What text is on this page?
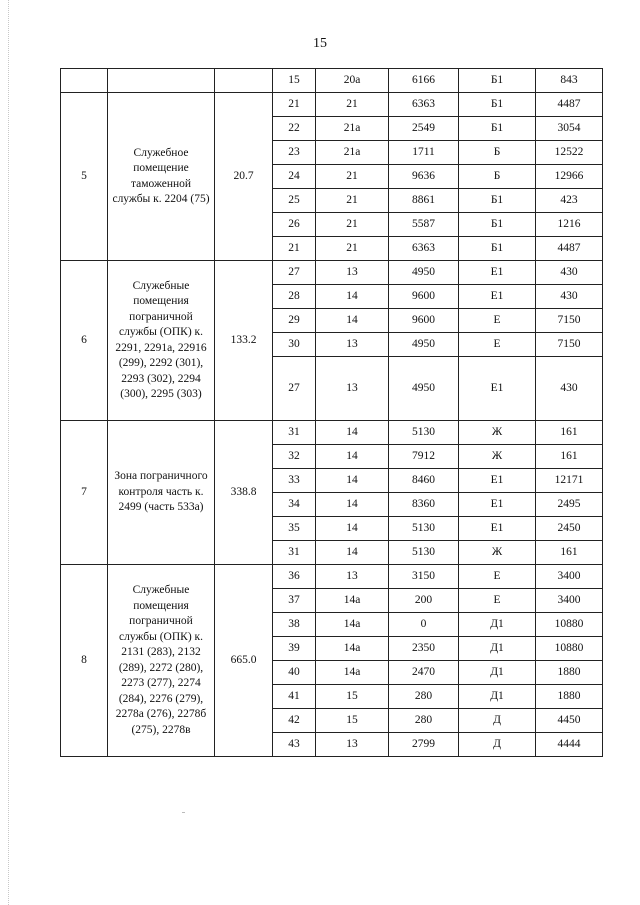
15
			15	20а	6166	Б1	843
5	Служебное помещение таможенной службы к. 2204 (75)	20.7	21	21	6363	Б1	4487
			22	21а	2549	Б1	3054
			23	21а	1711	Б	12522
			24	21	9636	Б	12966
			25	21	8861	Б1	423
			26	21	5587	Б1	1216
			21	21	6363	Б1	4487
6	Служебные помещения пограничной службы (ОПК) к. 2291, 2291а, 22916 (299), 2292 (301), 2293 (302), 2294 (300), 2295 (303)	133.2	27	13	4950	Е1	430
			28	14	9600	Е1	430
			29	14	9600	Е	7150
			30	13	4950	Е	7150
			27	13	4950	Е1	430
7	Зона пограничного контроля часть к. 2499 (часть 533а)	338.8	31	14	5130	Ж	161
			32	14	7912	Ж	161
			33	14	8460	Е1	12171
			34	14	8360	Е1	2495
			35	14	5130	Е1	2450
			31	14	5130	Ж	161
8	Служебные помещения пограничной службы (ОПК) к. 2131 (283), 2132 (289), 2272 (280), 2273 (277), 2274 (284), 2276 (279), 2278а (276), 2278б (275), 2278в	665.0	36	13	3150	Е	3400
			37	14а	200	Е	3400
			38	14а	0	Д1	10880
			39	14а	2350	Д1	10880
			40	14а	2470	Д1	1880
			41	15	280	Д1	1880
			42	15	280	Д	4450
			43	13	2799	Д	4444
